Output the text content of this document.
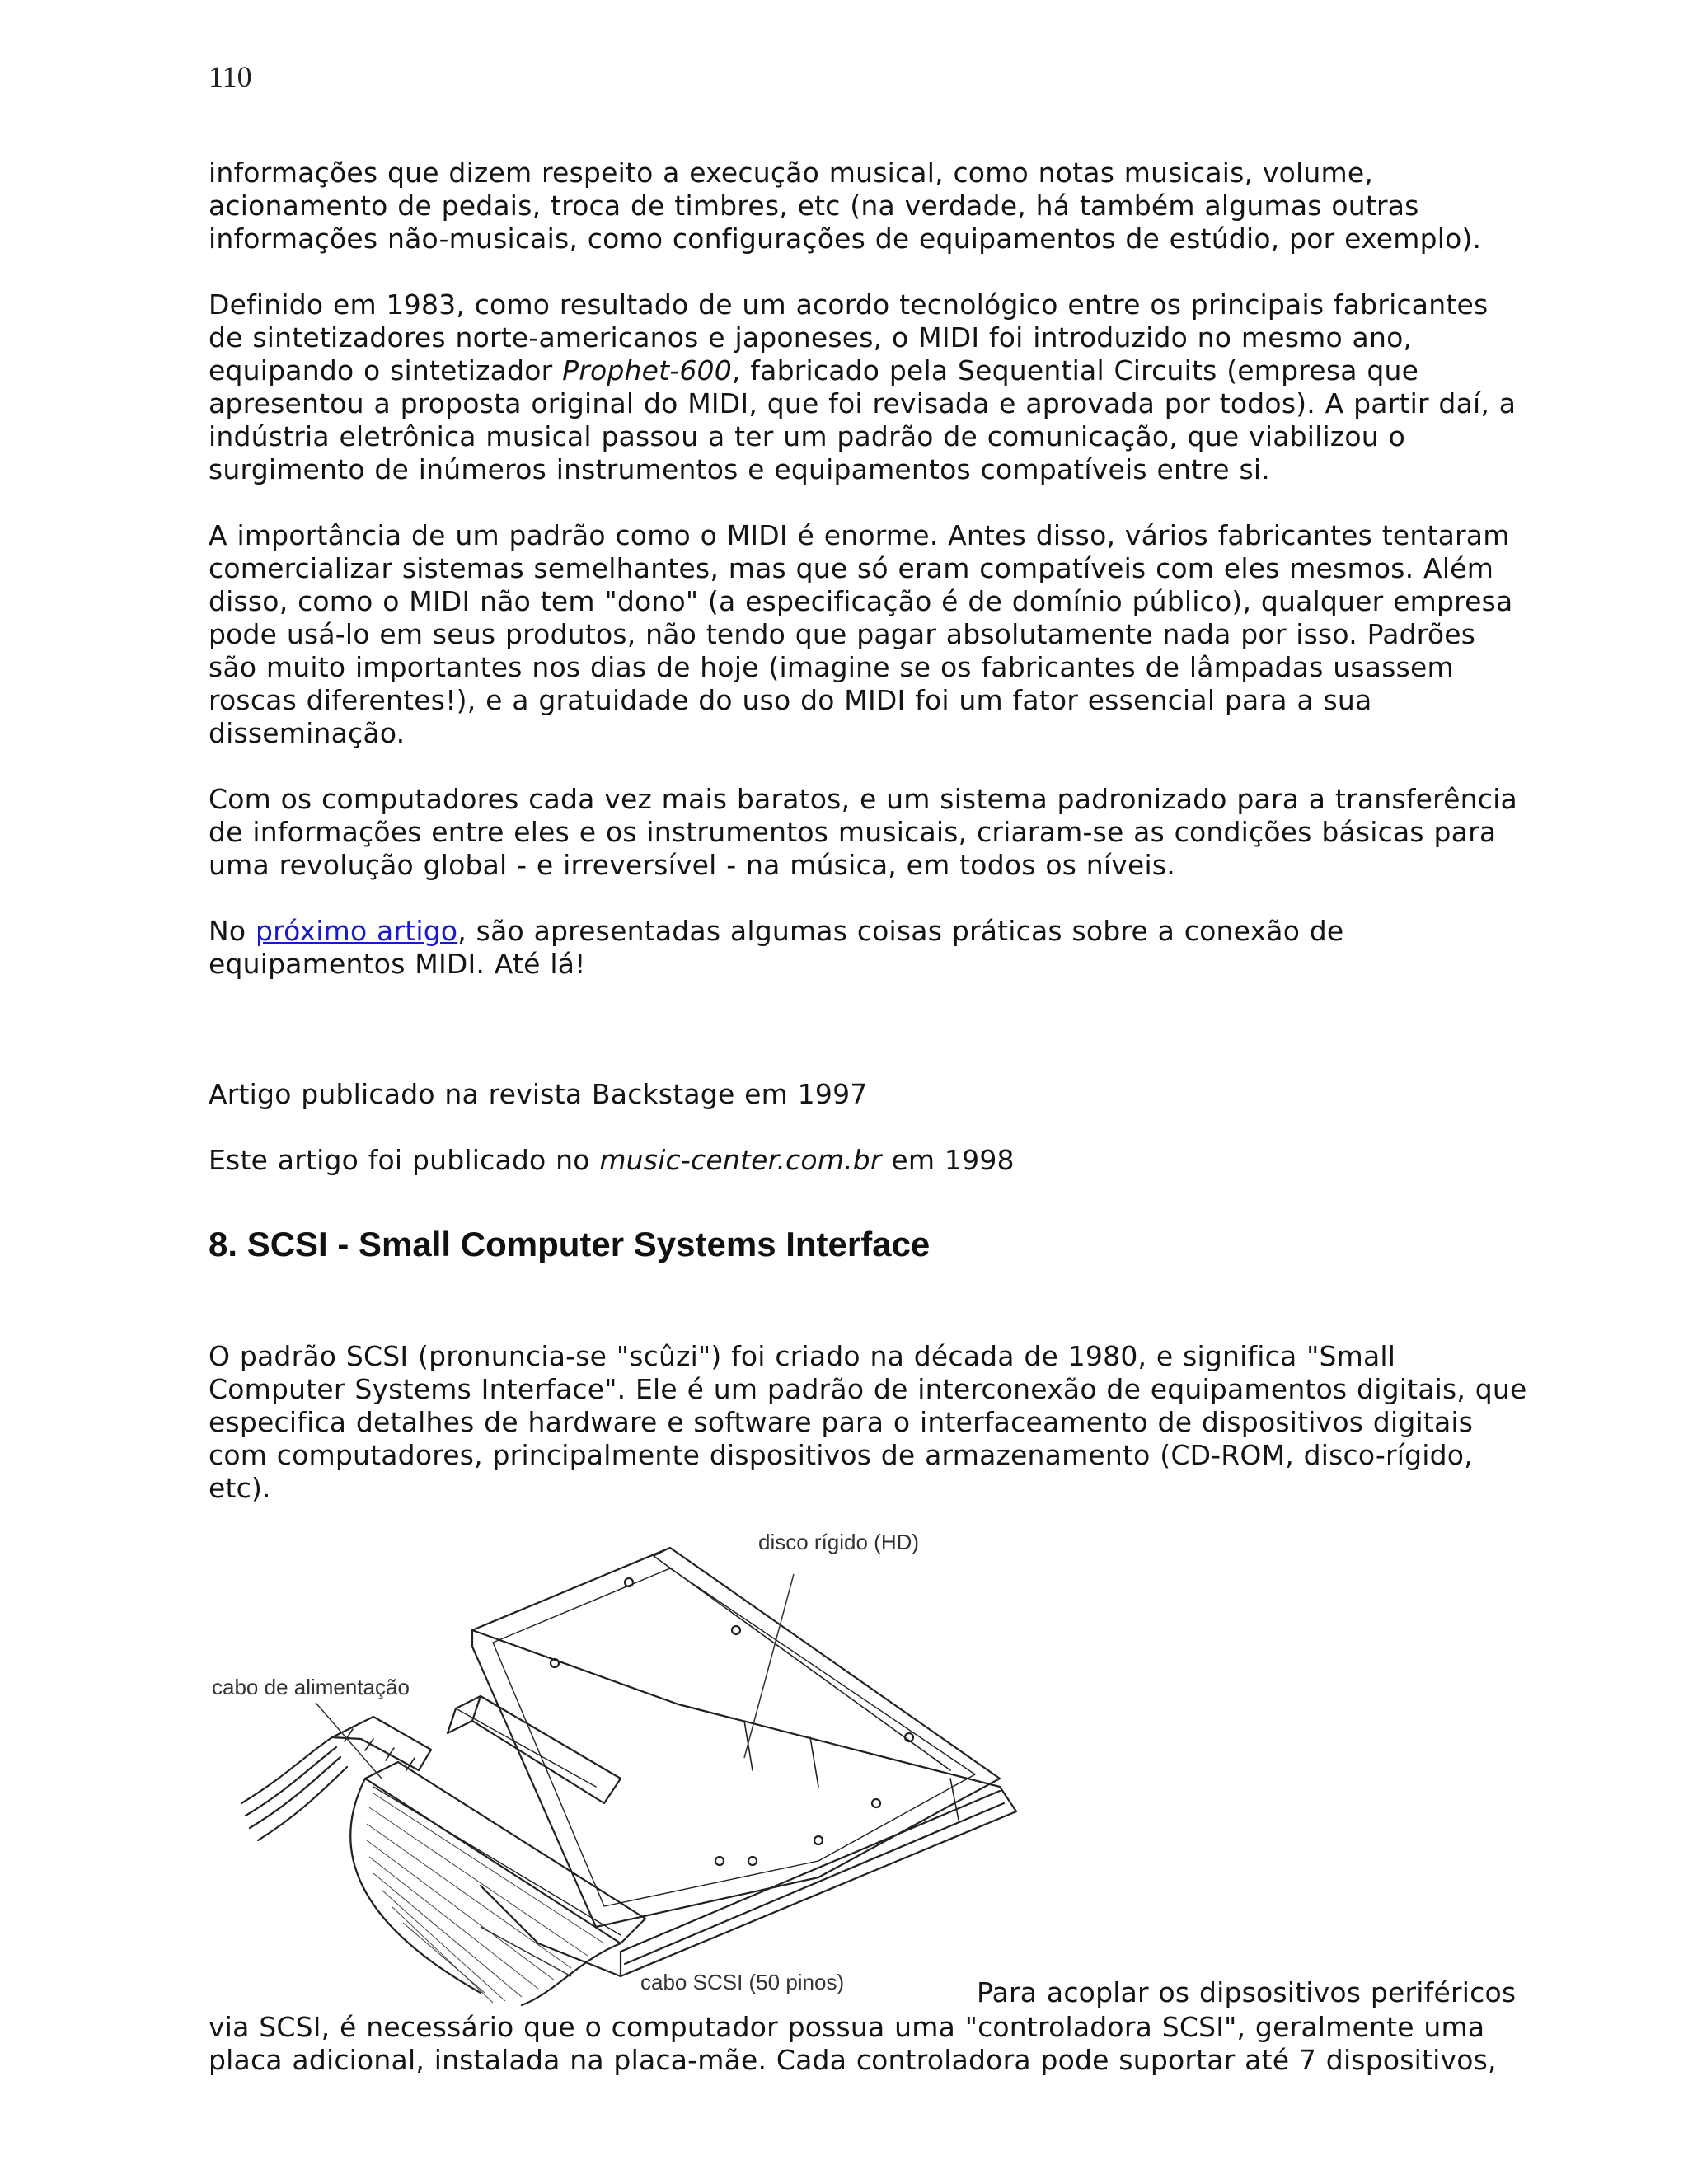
110

informações que dizem respeito a execução musical, como notas musicais, volume, acionamento de pedais, troca de timbres, etc (na verdade, há também algumas outras informações não-musicais, como configurações de equipamentos de estúdio, por exemplo).

Definido em 1983, como resultado de um acordo tecnológico entre os principais fabricantes de sintetizadores norte-americanos e japoneses, o MIDI foi introduzido no mesmo ano, equipando o sintetizador Prophet-600, fabricado pela Sequential Circuits (empresa que apresentou a proposta original do MIDI, que foi revisada e aprovada por todos). A partir daí, a indústria eletrônica musical passou a ter um padrão de comunicação, que viabilizou o surgimento de inúmeros instrumentos e equipamentos compatíveis entre si.

A importância de um padrão como o MIDI é enorme. Antes disso, vários fabricantes tentaram comercializar sistemas semelhantes, mas que só eram compatíveis com eles mesmos. Além disso, como o MIDI não tem "dono" (a especificação é de domínio público), qualquer empresa pode usá-lo em seus produtos, não tendo que pagar absolutamente nada por isso. Padrões são muito importantes nos dias de hoje (imagine se os fabricantes de lâmpadas usassem roscas diferentes!), e a gratuidade do uso do MIDI foi um fator essencial para a sua disseminação.

Com os computadores cada vez mais baratos, e um sistema padronizado para a transferência de informações entre eles e os instrumentos musicais, criaram-se as condições básicas para uma revolução global - e irreversível - na música, em todos os níveis.

No próximo artigo, são apresentadas algumas coisas práticas sobre a conexão de equipamentos MIDI. Até lá!

Artigo publicado na revista Backstage em 1997

Este artigo foi publicado no music-center.com.br em 1998

8. SCSI - Small Computer Systems Interface

O padrão SCSI (pronuncia-se "scûzi") foi criado na década de 1980, e significa "Small Computer Systems Interface". Ele é um padrão de interconexão de equipamentos digitais, que especifica detalhes de hardware e software para o interfaceamento de dispositivos digitais com computadores, principalmente dispositivos de armazenamento (CD-ROM, disco-rígido, etc).

disco rígido (HD)
cabo de alimentação
cabo SCSI (50 pinos)	Para acoplar os dipsositivos periféricos

via SCSI, é necessário que o computador possua uma "controladora SCSI", geralmente uma placa adicional, instalada na placa-mãe. Cada controladora pode suportar até 7 dispositivos,
